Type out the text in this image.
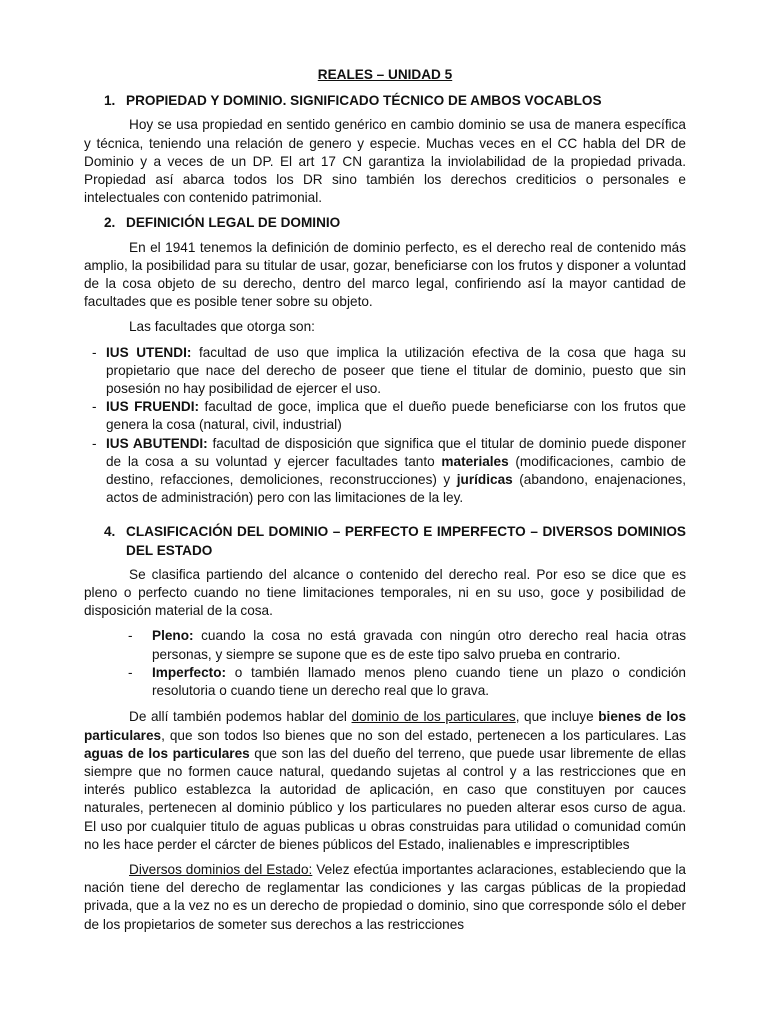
REALES – UNIDAD 5
1. PROPIEDAD Y DOMINIO. SIGNIFICADO TÉCNICO DE AMBOS VOCABLOS

Hoy se usa propiedad en sentido genérico en cambio dominio se usa de manera específica y técnica, teniendo una relación de genero y especie. Muchas veces en el CC habla del DR de Dominio y a veces de un DP. El art 17 CN garantiza la inviolabilidad de la propiedad privada. Propiedad así abarca todos los DR sino también los derechos crediticios o personales e intelectuales con contenido patrimonial.

2. DEFINICIÓN LEGAL DE DOMINIO

En el 1941 tenemos la definición de dominio perfecto, es el derecho real de contenido más amplio, la posibilidad para su titular de usar, gozar, beneficiarse con los frutos y disponer a voluntad de la cosa objeto de su derecho, dentro del marco legal, confiriendo así la mayor cantidad de facultades que es posible tener sobre su objeto.

Las facultades que otorga son:

- IUS UTENDI: facultad de uso que implica la utilización efectiva de la cosa que haga su propietario que nace del derecho de poseer que tiene el titular de dominio, puesto que sin posesión no hay posibilidad de ejercer el uso.
- IUS FRUENDI: facultad de goce, implica que el dueño puede beneficiarse con los frutos que genera la cosa (natural, civil, industrial)
- IUS ABUTENDI: facultad de disposición que significa que el titular de dominio puede disponer de la cosa a su voluntad y ejercer facultades tanto materiales (modificaciones, cambio de destino, refacciones, demoliciones, reconstrucciones) y jurídicas (abandono, enajenaciones, actos de administración) pero con las limitaciones de la ley.
4. CLASIFICACIÓN DEL DOMINIO – PERFECTO E IMPERFECTO – DIVERSOS DOMINIOS DEL ESTADO

Se clasifica partiendo del alcance o contenido del derecho real. Por eso se dice que es pleno o perfecto cuando no tiene limitaciones temporales, ni en su uso, goce y posibilidad de disposición material de la cosa.

- Pleno: cuando la cosa no está gravada con ningún otro derecho real hacia otras personas, y siempre se supone que es de este tipo salvo prueba en contrario.
- Imperfecto: o también llamado menos pleno cuando tiene un plazo o condición resolutoria o cuando tiene un derecho real que lo grava.

De allí también podemos hablar del dominio de los particulares, que incluye bienes de los particulares, que son todos lso bienes que no son del estado, pertenecen a los particulares. Las aguas de los particulares que son las del dueño del terreno, que puede usar libremente de ellas siempre que no formen cauce natural, quedando sujetas al control y a las restricciones que en interés publico establezca la autoridad de aplicación, en caso que constituyen por cauces naturales, pertenecen al dominio público y los particulares no pueden alterar esos curso de agua. El uso por cualquier titulo de aguas publicas u obras construidas para utilidad o comunidad común no les hace perder el cárcter de bienes públicos del Estado, inalienables e imprescriptibles

Diversos dominios del Estado: Velez efectúa importantes aclaraciones, estableciendo que la nación tiene del derecho de reglamentar las condiciones y las cargas públicas de la propiedad privada, que a la vez no es un derecho de propiedad o dominio, sino que corresponde sólo el deber de los propietarios de someter sus derechos a las restricciones
